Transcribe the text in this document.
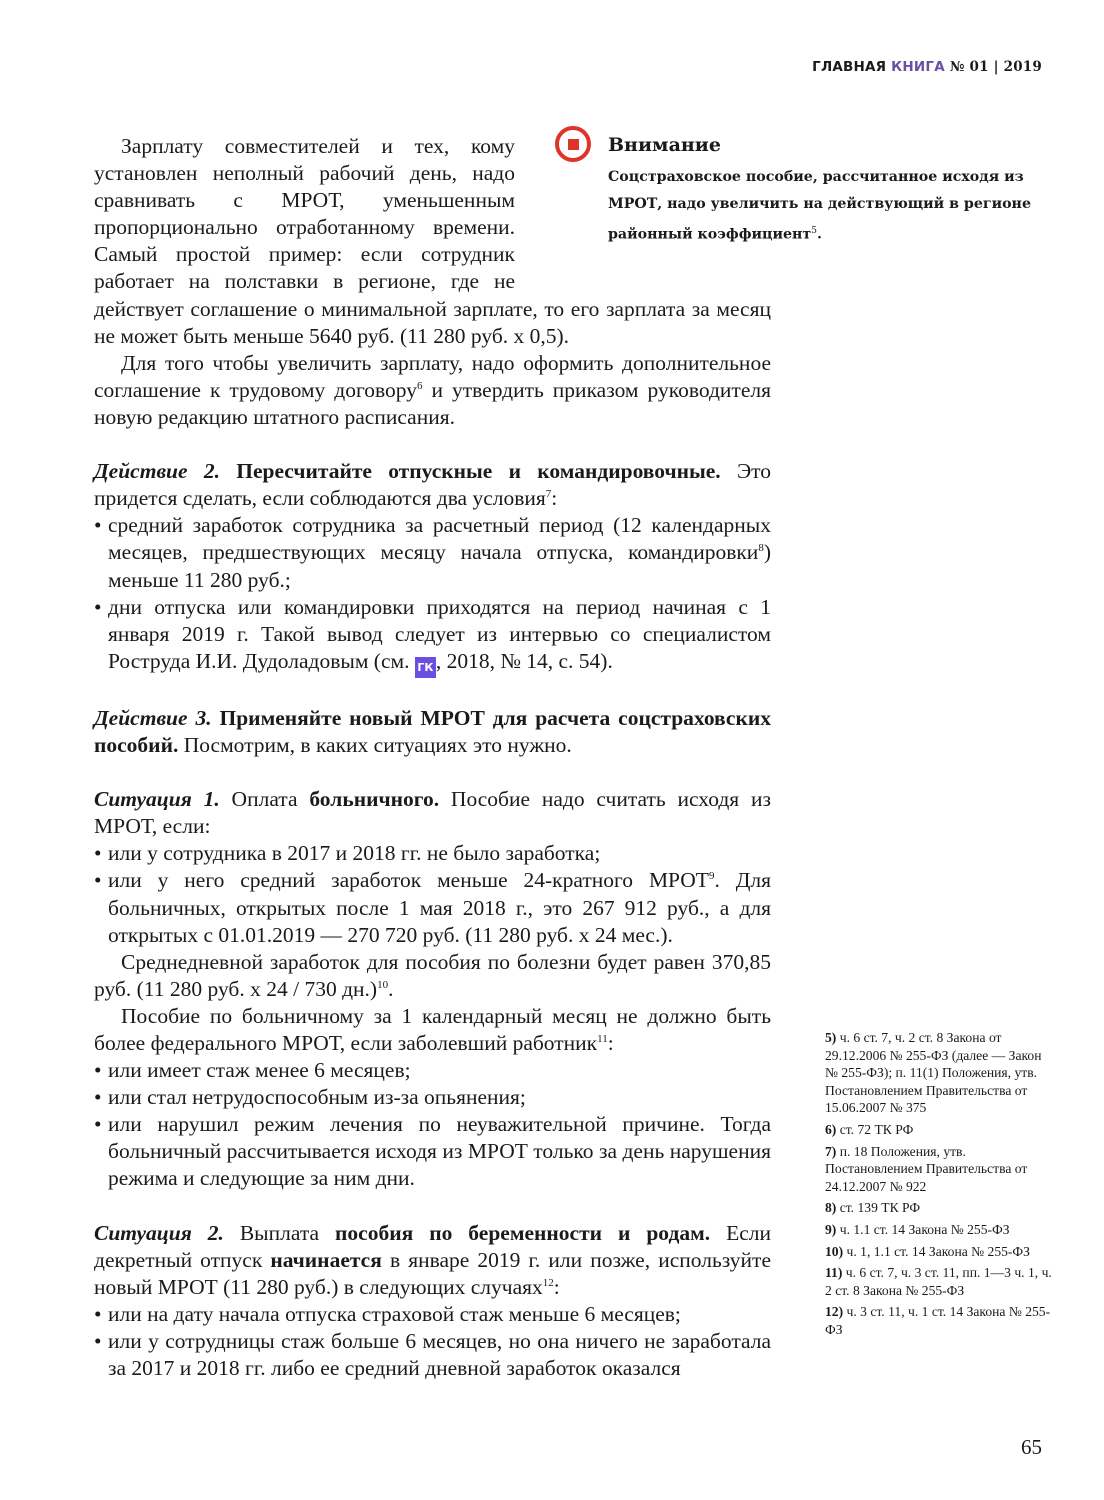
ГЛАВНАЯ КНИГА № 01 | 2019
Внимание
Соцстраховское пособие, рассчитанное исходя из МРОТ, надо увеличить на действующий в регионе районный коэффициент$^5$.

Зарплату совместителей и тех, кому установлен неполный рабочий день, надо сравнивать с МРОТ, уменьшенным пропорционально отработанному времени. Самый простой пример: если сотрудник работает на полставки в регионе, где не действует соглашение о минимальной зарплате, то его зарплата за месяц не может быть меньше 5640 руб. (11 280 руб. х 0,5).

Для того чтобы увеличить зарплату, надо оформить дополнительное соглашение к трудовому договору$^6$ и утвердить приказом руководителя новую редакцию штатного расписания.

Действие 2. Пересчитайте отпускные и командировочные. Это придется сделать, если соблюдаются два условия$^7$:

• средний заработок сотрудника за расчетный период (12 календарных месяцев, предшествующих месяцу начала отпуска, командировки$^8$) меньше 11 280 руб.;
• дни отпуска или командировки приходятся на период начиная с 1 января 2019 г. Такой вывод следует из интервью со специалистом Роструда И.И. Дудоладовым (см. ГК , 2018, № 14, с. 54).

Действие 3. Применяйте новый МРОТ для расчета соцстраховских пособий. Посмотрим, в каких ситуациях это нужно.

Ситуация 1. Оплата больничного. Пособие надо считать исходя из МРОТ, если:

• или у сотрудника в 2017 и 2018 гг. не было заработка;
• или у него средний заработок меньше 24-кратного МРОТ$^9$. Для больничных, открытых после 1 мая 2018 г., это 267 912 руб., а для открытых с 01.01.2019 — 270 720 руб. (11 280 руб. х 24 мес.).

Среднедневной заработок для пособия по болезни будет равен 370,85 руб. (11 280 руб. х 24 / 730 дн.)$^{10}$.

Пособие по больничному за 1 календарный месяц не должно быть более федерального МРОТ, если заболевший работник$^{11}$:

• или имеет стаж менее 6 месяцев;
• или стал нетрудоспособным из-за опьянения;
• или нарушил режим лечения по неуважительной причине. Тогда больничный рассчитывается исходя из МРОТ только за день нарушения режима и следующие за ним дни.

Ситуация 2. Выплата пособия по беременности и родам. Если декретный отпуск начинается в январе 2019 г. или позже, используйте новый МРОТ (11 280 руб.) в следующих случаях$^{12}$:

• или на дату начала отпуска страховой стаж меньше 6 месяцев;
• или у сотрудницы стаж больше 6 месяцев, но она ничего не заработала за 2017 и 2018 гг. либо ее средний дневной заработок оказался
5) ч. 6 ст. 7, ч. 2 ст. 8 Закона от 29.12.2006 № 255-ФЗ (далее — Закон № 255-ФЗ); п. 11(1) Положения, утв. Постановлением Правительства от 15.06.2007 № 375
6) ст. 72 ТК РФ
7) п. 18 Положения, утв. Постановлением Правительства от 24.12.2007 № 922
8) ст. 139 ТК РФ
9) ч. 1.1 ст. 14 Закона № 255-ФЗ
10) ч. 1, 1.1 ст. 14 Закона № 255-ФЗ
11) ч. 6 ст. 7, ч. 3 ст. 11, пп. 1—3 ч. 1, ч. 2 ст. 8 Закона № 255-ФЗ
12) ч. 3 ст. 11, ч. 1 ст. 14 Закона № 255-ФЗ
65
